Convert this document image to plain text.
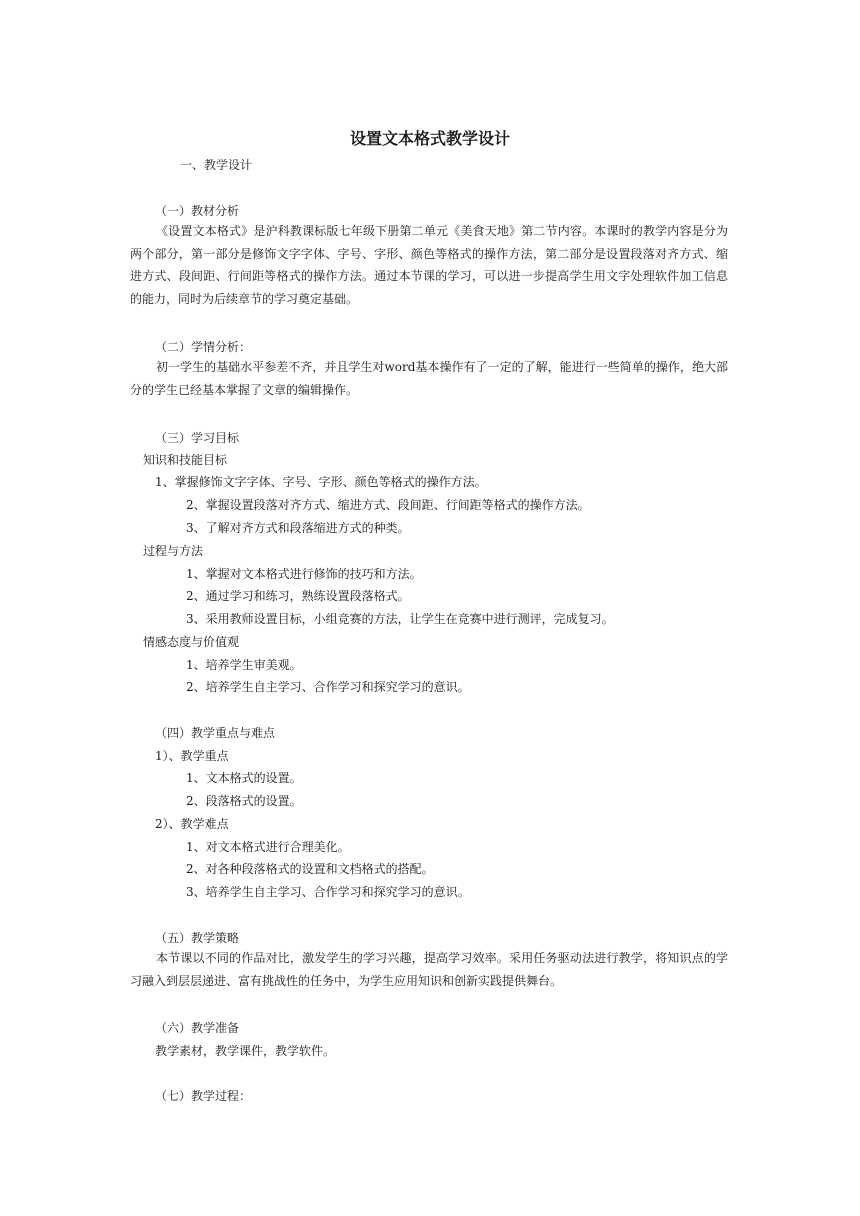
设置文本格式教学设计
一、教学设计
（一）教材分析
《设置文本格式》是沪科教课标版七年级下册第二单元《美食天地》第二节内容。本课时的教学内容是分为两个部分，第一部分是修饰文字字体、字号、字形、颜色等格式的操作方法，第二部分是设置段落对齐方式、缩进方式、段间距、行间距等格式的操作方法。通过本节课的学习，可以进一步提高学生用文字处理软件加工信息的能力，同时为后续章节的学习奠定基础。
（二）学情分析：
初一学生的基础水平参差不齐，并且学生对word基本操作有了一定的了解，能进行一些简单的操作，绝大部分的学生已经基本掌握了文章的编辑操作。
（三）学习目标
知识和技能目标
1、掌握修饰文字字体、字号、字形、颜色等格式的操作方法。
2、掌握设置段落对齐方式、缩进方式、段间距、行间距等格式的操作方法。
3、了解对齐方式和段落缩进方式的种类。
过程与方法
1、掌握对文本格式进行修饰的技巧和方法。
2、通过学习和练习，熟练设置段落格式。
3、采用教师设置目标，小组竞赛的方法，让学生在竞赛中进行测评，完成复习。
情感态度与价值观
1、培养学生审美观。
2、培养学生自主学习、合作学习和探究学习的意识。
（四）教学重点与难点
1）、教学重点
1、文本格式的设置。
2、段落格式的设置。
2）、教学难点
1、对文本格式进行合理美化。
2、对各种段落格式的设置和文档格式的搭配。
3、培养学生自主学习、合作学习和探究学习的意识。
（五）教学策略
本节课以不同的作品对比，激发学生的学习兴趣，提高学习效率。采用任务驱动法进行教学，将知识点的学习融入到层层递进、富有挑战性的任务中，为学生应用知识和创新实践提供舞台。
（六）教学准备
教学素材，教学课件，教学软件。
（七）教学过程：
